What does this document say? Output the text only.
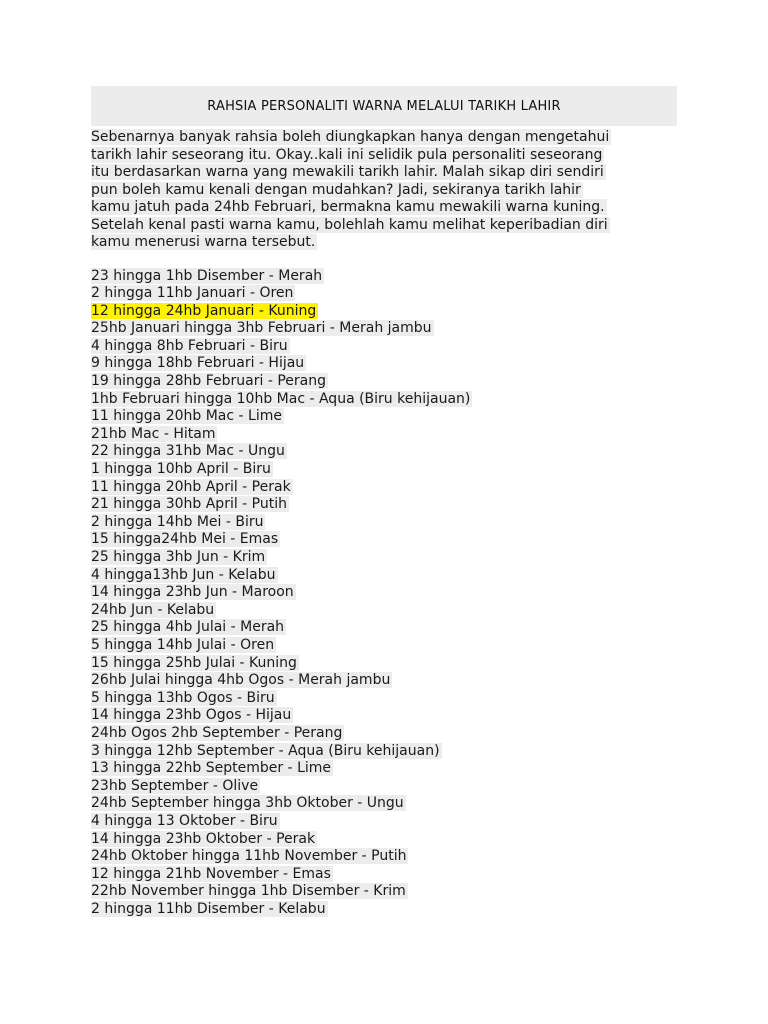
RAHSIA PERSONALITI WARNA MELALUI TARIKH LAHIR
Sebenarnya banyak rahsia boleh diungkapkan hanya dengan mengetahui
tarikh lahir seseorang itu. Okay..kali ini selidik pula personaliti seseorang
itu berdasarkan warna yang mewakili tarikh lahir. Malah sikap diri sendiri
pun boleh kamu kenali dengan mudahkan? Jadi, sekiranya tarikh lahir
kamu jatuh pada 24hb Februari, bermakna kamu mewakili warna kuning.
Setelah kenal pasti warna kamu, bolehlah kamu melihat keperibadian diri
kamu menerusi warna tersebut.
23 hingga 1hb Disember - Merah
2 hingga 11hb Januari - Oren
12 hingga 24hb Januari - Kuning
25hb Januari hingga 3hb Februari - Merah jambu
4 hingga 8hb Februari - Biru
9 hingga 18hb Februari - Hijau
19 hingga 28hb Februari - Perang
1hb Februari hingga 10hb Mac - Aqua (Biru kehijauan)
11 hingga 20hb Mac - Lime
21hb Mac - Hitam
22 hingga 31hb Mac - Ungu
1 hingga 10hb April - Biru
11 hingga 20hb April - Perak
21 hingga 30hb April - Putih
2 hingga 14hb Mei - Biru
15 hingga24hb Mei - Emas
25 hingga 3hb Jun - Krim
4 hingga13hb Jun - Kelabu
14 hingga 23hb Jun - Maroon
24hb Jun - Kelabu
25 hingga 4hb Julai - Merah
5 hingga 14hb Julai - Oren
15 hingga 25hb Julai - Kuning
26hb Julai hingga 4hb Ogos - Merah jambu
5 hingga 13hb Ogos - Biru
14 hingga 23hb Ogos - Hijau
24hb Ogos 2hb September - Perang
3 hingga 12hb September - Aqua (Biru kehijauan)
13 hingga 22hb September - Lime
23hb September - Olive
24hb September hingga 3hb Oktober - Ungu
4 hingga 13 Oktober - Biru
14 hingga 23hb Oktober - Perak
24hb Oktober hingga 11hb November - Putih
12 hingga 21hb November - Emas
22hb November hingga 1hb Disember - Krim
2 hingga 11hb Disember - Kelabu
